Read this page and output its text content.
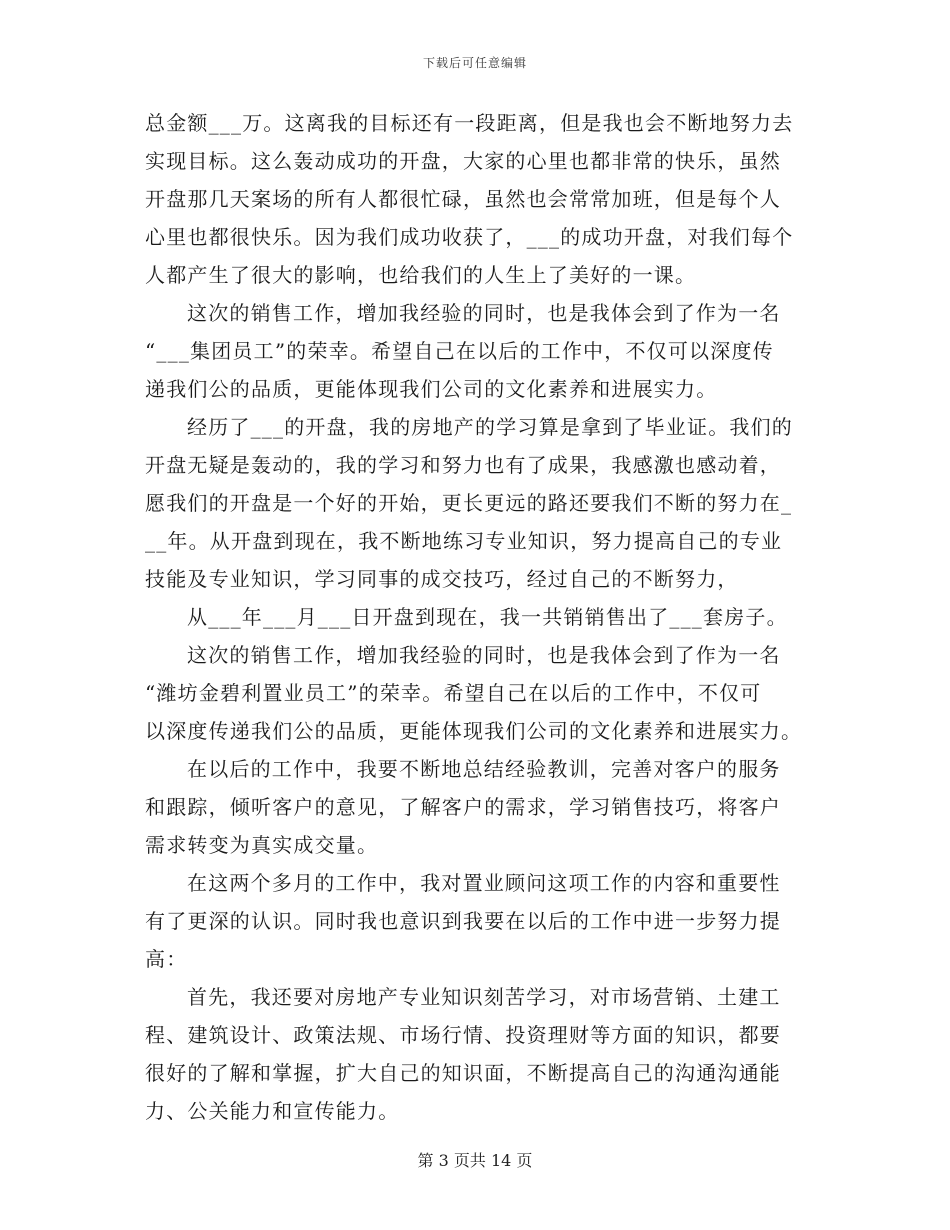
下载后可任意编辑
总金额___万。这离我的目标还有一段距离，但是我也会不断地努力去
实现目标。这么轰动成功的开盘，大家的心里也都非常的快乐，虽然
开盘那几天案场的所有人都很忙碌，虽然也会常常加班，但是每个人
心里也都很快乐。因为我们成功收获了，___的成功开盘，对我们每个
人都产生了很大的影响，也给我们的人生上了美好的一课。
这次的销售工作，增加我经验的同时，也是我体会到了作为一名
“___集团员工”的荣幸。希望自己在以后的工作中，不仅可以深度传
递我们公的品质，更能体现我们公司的文化素养和进展实力。
经历了___的开盘，我的房地产的学习算是拿到了毕业证。我们的
开盘无疑是轰动的，我的学习和努力也有了成果，我感激也感动着，
愿我们的开盘是一个好的开始，更长更远的路还要我们不断的努力在_
__年。从开盘到现在，我不断地练习专业知识，努力提高自己的专业
技能及专业知识，学习同事的成交技巧，经过自己的不断努力，
从___年___月___日开盘到现在，我一共销销售出了___套房子。
这次的销售工作，增加我经验的同时，也是我体会到了作为一名
“潍坊金碧利置业员工”的荣幸。希望自己在以后的工作中，不仅可
以深度传递我们公的品质，更能体现我们公司的文化素养和进展实力。
在以后的工作中，我要不断地总结经验教训，完善对客户的服务
和跟踪，倾听客户的意见，了解客户的需求，学习销售技巧，将客户
需求转变为真实成交量。
在这两个多月的工作中，我对置业顾问这项工作的内容和重要性
有了更深的认识。同时我也意识到我要在以后的工作中进一步努力提
高：
首先，我还要对房地产专业知识刻苦学习，对市场营销、土建工
程、建筑设计、政策法规、市场行情、投资理财等方面的知识，都要
很好的了解和掌握，扩大自己的知识面，不断提高自己的沟通沟通能
力、公关能力和宣传能力。
第 3 页共 14 页
